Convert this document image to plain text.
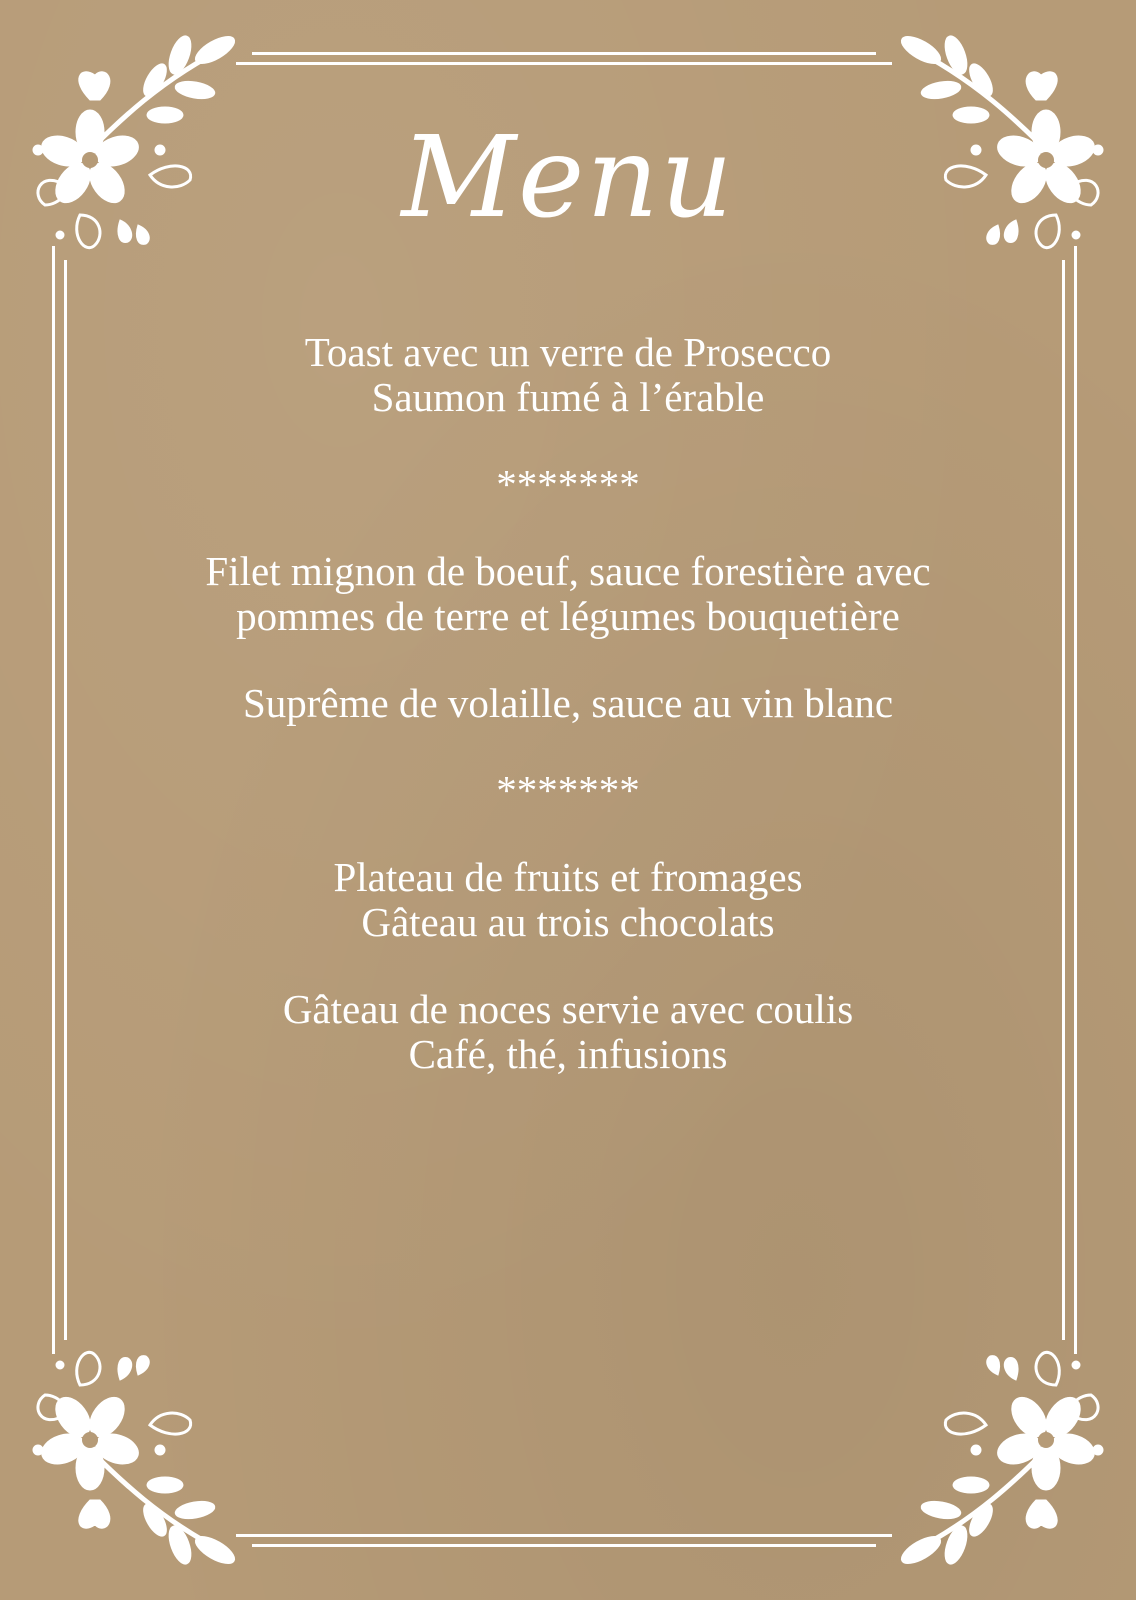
Menu
Toast avec un verre de Prosecco
Saumon fumé à l’érable
*******
Filet mignon de boeuf, sauce forestière avec
pommes de terre et légumes bouquetière
Suprême de volaille, sauce au vin blanc
*******
Plateau de fruits et fromages
Gâteau au trois chocolats
Gâteau de noces servie avec coulis
Café, thé, infusions
